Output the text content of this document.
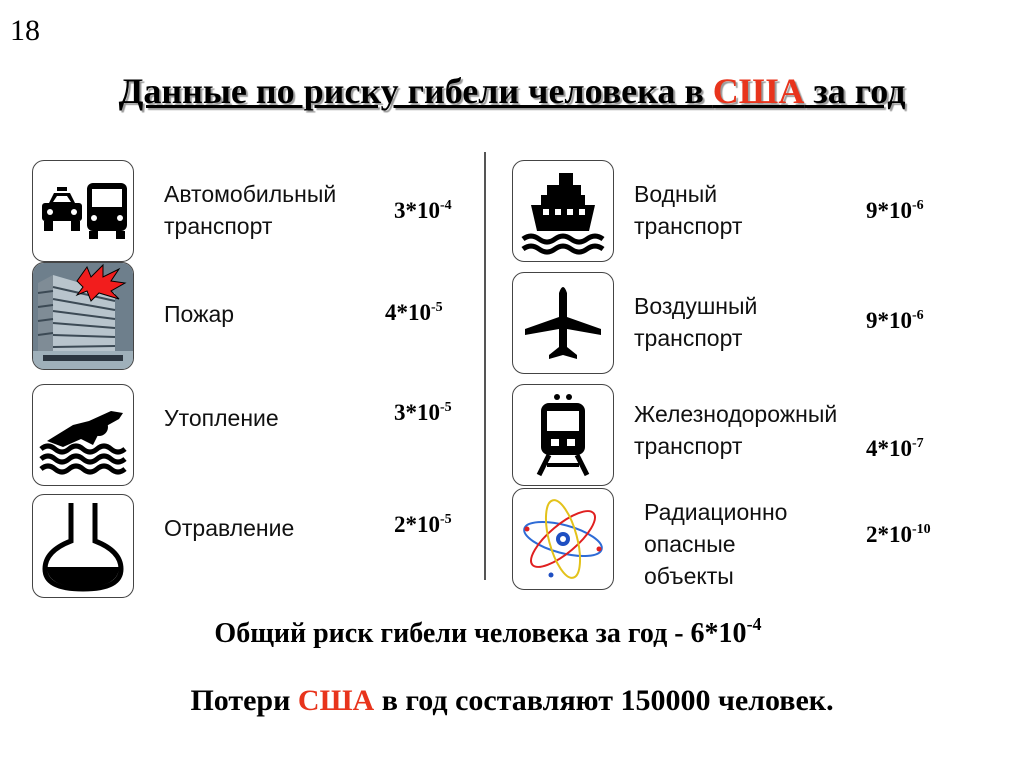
18
Данные по риску гибели человека в США за год
Автомобильный
транспорт
$3*10^{-4}$
Пожар	$4*10^{-5}$
Утопление	$3*10^{-5}$
Отравление	$2*10^{-5}$
Водный
транспорт
$9*10^{-6}$
Воздушный
транспорт
$9*10^{-6}$
Железнодорожный
транспорт	$4*10^{-7}$
Радиационно
опасные
объекты
$2*10^{-10}$
Общий риск гибели человека за год - $6*10^{-4}$
Потери США в год составляют 150000 человек.
